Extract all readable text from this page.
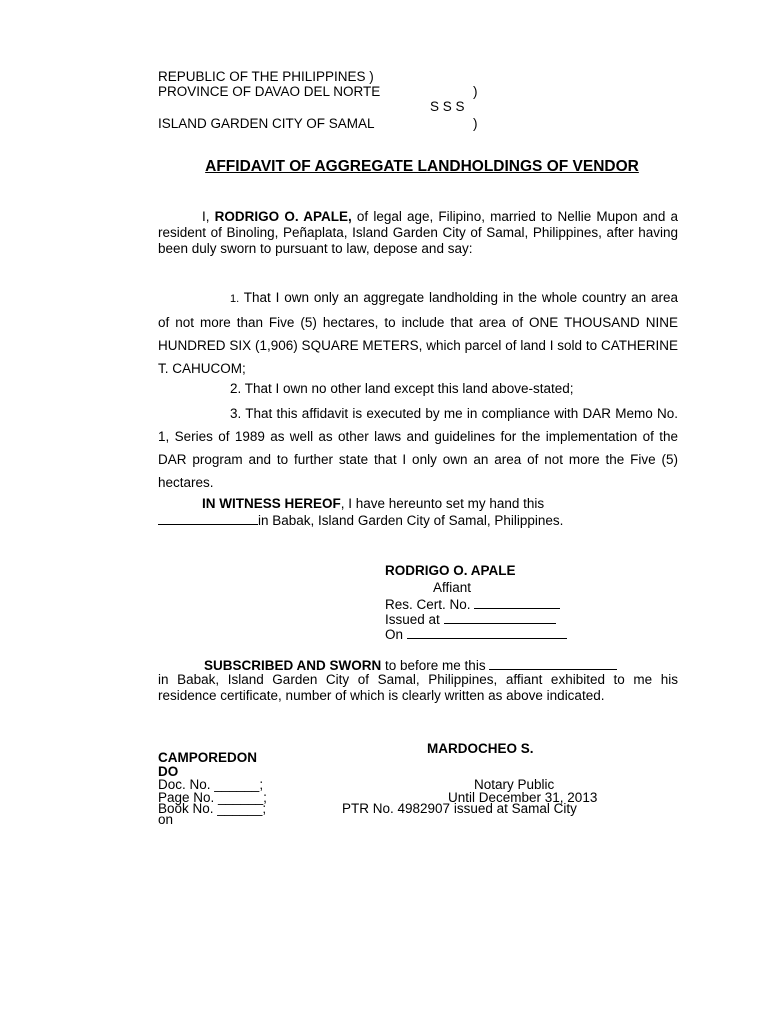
REPUBLIC OF THE PHILIPPINES )
PROVINCE OF DAVAO DEL NORTE	)
S S S
ISLAND GARDEN CITY OF SAMAL	)
AFFIDAVIT OF AGGREGATE LANDHOLDINGS OF VENDOR
I, RODRIGO O. APALE, of legal age, Filipino, married to Nellie Mupon and a resident of Binoling, Peñaplata, Island Garden City of Samal, Philippines, after having been duly sworn to pursuant to law, depose and say:
1. That I own only an aggregate landholding in the whole country an area of not more than Five (5) hectares, to include that area of ONE THOUSAND NINE HUNDRED SIX (1,906) SQUARE METERS, which parcel of land I sold to CATHERINE T. CAHUCOM;
2. That I own no other land except this land above-stated;
3. That this affidavit is executed by me in compliance with DAR Memo No. 1, Series of 1989 as well as other laws and guidelines for the implementation of the DAR program and to further state that I only own an area of not more the Five (5) hectares.
IN WITNESS HEREOF, I have hereunto set my hand this
in Babak, Island Garden City of Samal, Philippines.
RODRIGO O. APALE
Affiant
Res. Cert. No.
Issued at
On
SUBSCRIBED AND SWORN to before me this
in Babak, Island Garden City of Samal, Philippines, affiant exhibited to me his residence certificate, number of which is clearly written as above indicated.
MARDOCHEO S.
CAMPOREDON
DO
Doc. No. ______;	Notary Public
Page No. ______;	Until December 31, 2013
Book No. ______;	PTR No. 4982907 issued at Samal City
on
